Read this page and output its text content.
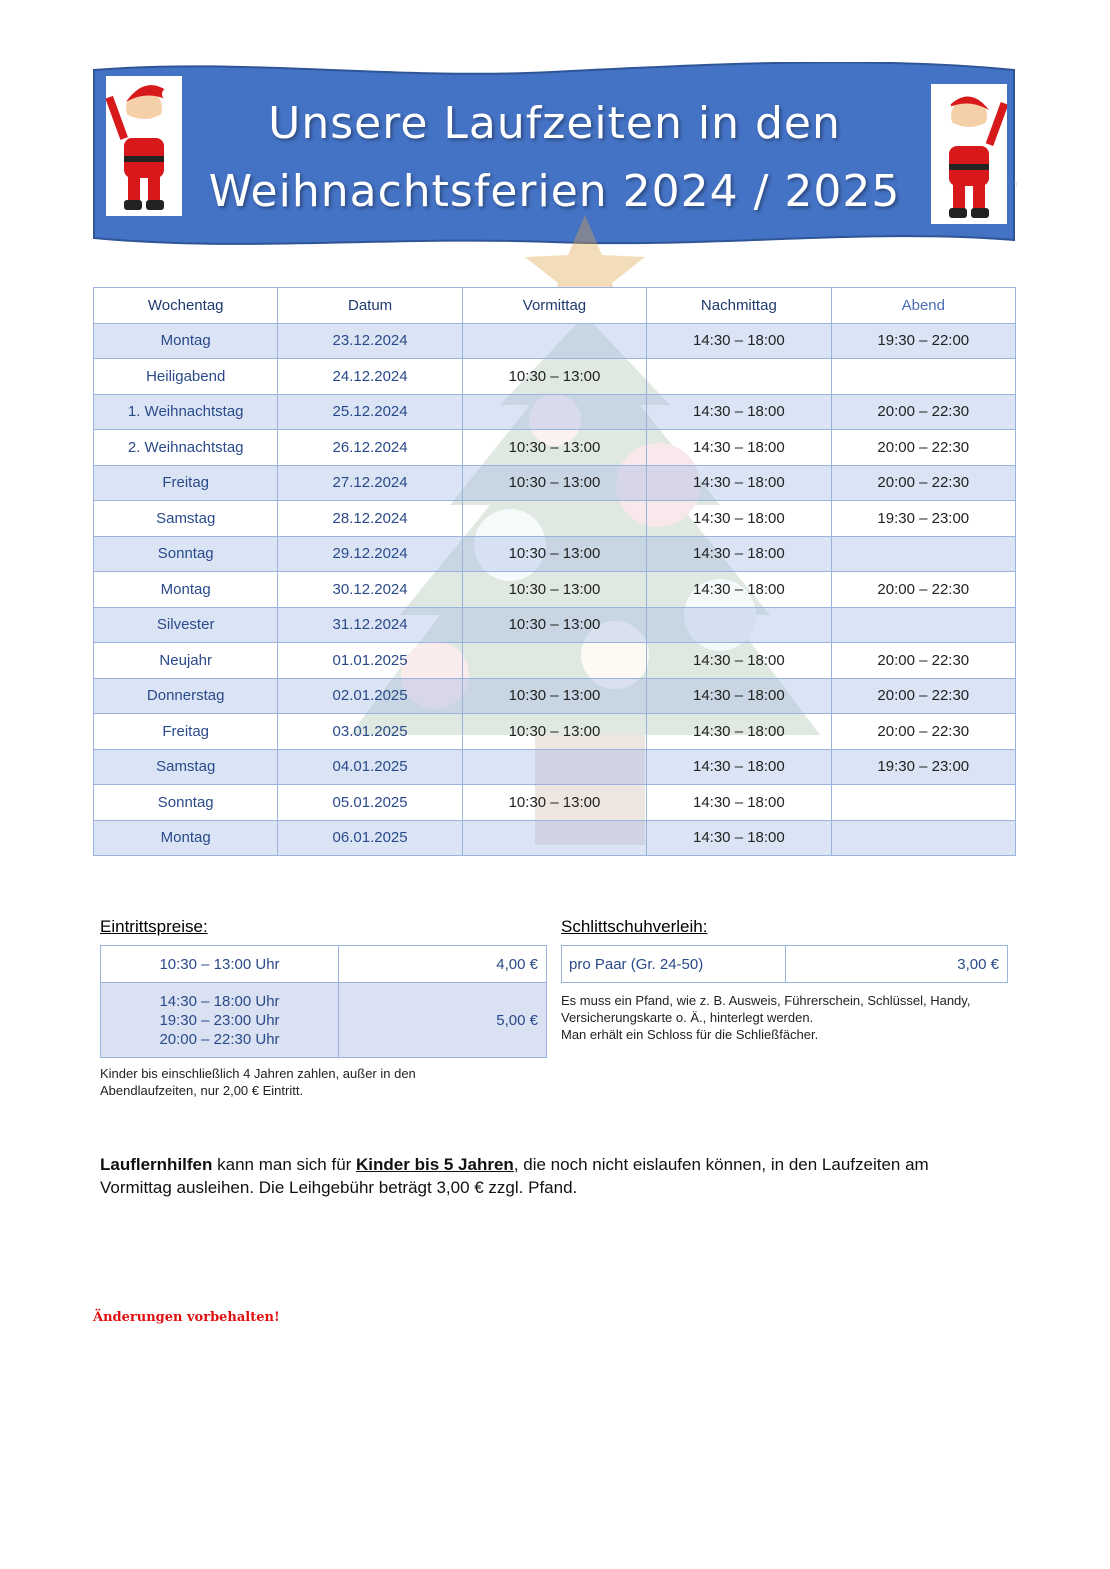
Unsere Laufzeiten in den
Weihnachtsferien 2024 / 2025
Wochentag	Datum	Vormittag	Nachmittag	Abend
Montag	23.12.2024		14:30 – 18:00	19:30 – 22:00
Heiligabend	24.12.2024	10:30 – 13:00		
1. Weihnachtstag	25.12.2024		14:30 – 18:00	20:00 – 22:30
2. Weihnachtstag	26.12.2024	10:30 – 13:00	14:30 – 18:00	20:00 – 22:30
Freitag	27.12.2024	10:30 – 13:00	14:30 – 18:00	20:00 – 22:30
Samstag	28.12.2024		14:30 – 18:00	19:30 – 23:00
Sonntag	29.12.2024	10:30 – 13:00	14:30 – 18:00	
Montag	30.12.2024	10:30 – 13:00	14:30 – 18:00	20:00 – 22:30
Silvester	31.12.2024	10:30 – 13:00		
Neujahr	01.01.2025		14:30 – 18:00	20:00 – 22:30
Donnerstag	02.01.2025	10:30 – 13:00	14:30 – 18:00	20:00 – 22:30
Freitag	03.01.2025	10:30 – 13:00	14:30 – 18:00	20:00 – 22:30
Samstag	04.01.2025		14:30 – 18:00	19:30 – 23:00
Sonntag	05.01.2025	10:30 – 13:00	14:30 – 18:00	
Montag	06.01.2025		14:30 – 18:00	
Eintrittspreise:
10:30 – 13:00 Uhr	4,00 €

14:30 – 18:00 Uhr
19:30 – 23:00 Uhr
20:00 – 22:30 Uhr	5,00 €
Kinder bis einschließlich 4 Jahren zahlen, außer in den
Abendlaufzeiten, nur 2,00 € Eintritt.
Schlittschuhverleih:
pro Paar (Gr. 24-50)	3,00 €
Es muss ein Pfand, wie z. B. Ausweis, Führerschein, Schlüssel, Handy,
Versicherungskarte o. Ä., hinterlegt werden.
Man erhält ein Schloss für die Schließfächer.
Lauflernhilfen kann man sich für Kinder bis 5 Jahren, die noch nicht eislaufen können, in den Laufzeiten am Vormittag ausleihen. Die Leihgebühr beträgt 3,00 € zzgl. Pfand.
Änderungen vorbehalten!
